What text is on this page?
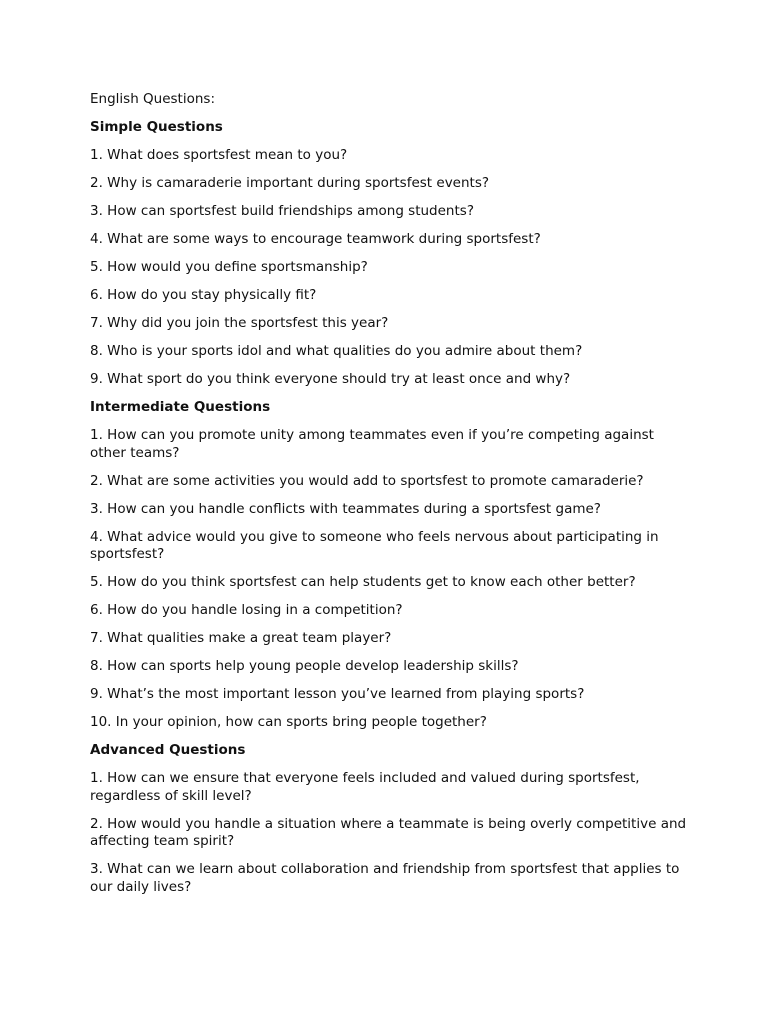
English Questions:

Simple Questions

1. What does sportsfest mean to you?
2. Why is camaraderie important during sportsfest events?
3. How can sportsfest build friendships among students?
4. What are some ways to encourage teamwork during sportsfest?
5. How would you define sportsmanship?
6. How do you stay physically fit?
7. Why did you join the sportsfest this year?
8. Who is your sports idol and what qualities do you admire about them?
9. What sport do you think everyone should try at least once and why?

Intermediate Questions

1. How can you promote unity among teammates even if you’re competing against other teams?
2. What are some activities you would add to sportsfest to promote camaraderie?
3. How can you handle conflicts with teammates during a sportsfest game?
4. What advice would you give to someone who feels nervous about participating in sportsfest?
5. How do you think sportsfest can help students get to know each other better?
6. How do you handle losing in a competition?
7. What qualities make a great team player?
8. How can sports help young people develop leadership skills?
9. What’s the most important lesson you’ve learned from playing sports?
10. In your opinion, how can sports bring people together?

Advanced Questions

1. How can we ensure that everyone feels included and valued during sportsfest, regardless of skill level?
2. How would you handle a situation where a teammate is being overly competitive and affecting team spirit?
3. What can we learn about collaboration and friendship from sportsfest that applies to our daily lives?
